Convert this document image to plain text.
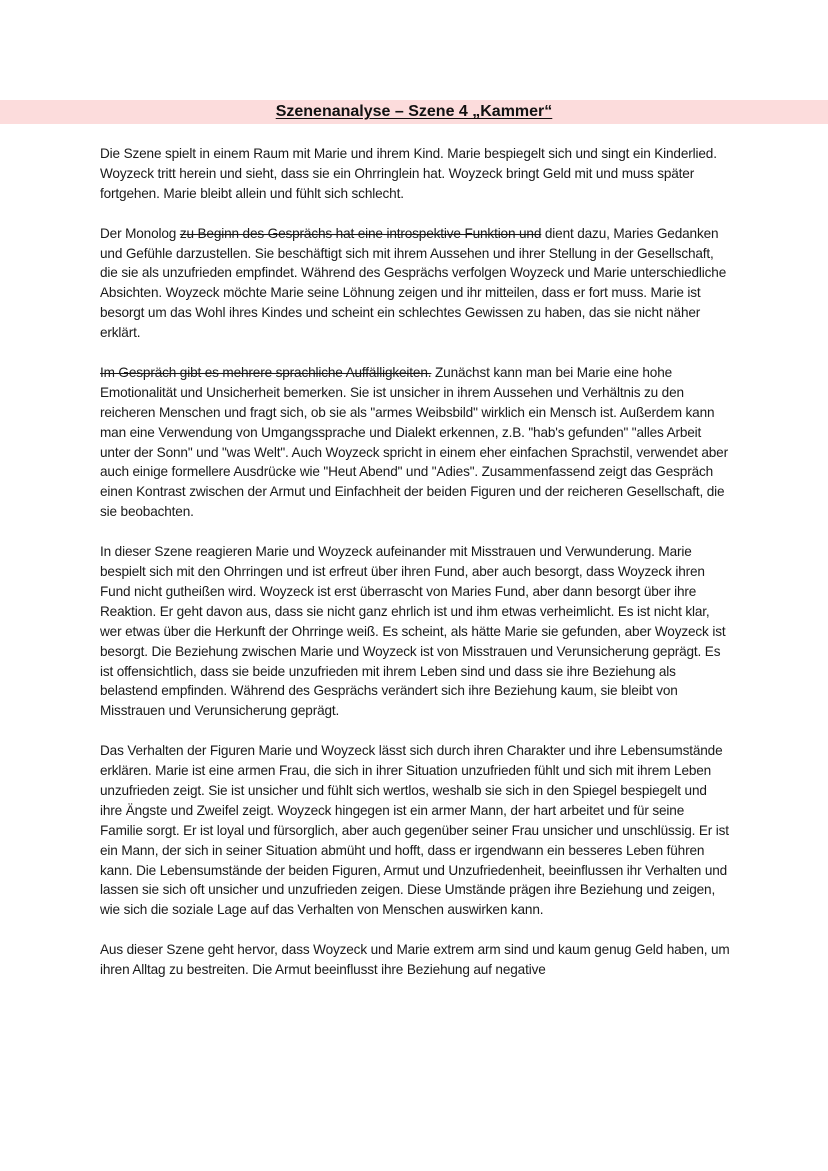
Szenenanalyse – Szene 4 „Kammer“

Die Szene spielt in einem Raum mit Marie und ihrem Kind. Marie bespiegelt sich und singt ein Kinderlied. Woyzeck tritt herein und sieht, dass sie ein Ohrringlein hat. Woyzeck bringt Geld mit und muss später fortgehen. Marie bleibt allein und fühlt sich schlecht.

Der Monolog zu Beginn des Gesprächs hat eine introspektive Funktion und dient dazu, Maries Gedanken und Gefühle darzustellen. Sie beschäftigt sich mit ihrem Aussehen und ihrer Stellung in der Gesellschaft, die sie als unzufrieden empfindet. Während des Gesprächs verfolgen Woyzeck und Marie unterschiedliche Absichten. Woyzeck möchte Marie seine Löhnung zeigen und ihr mitteilen, dass er fort muss. Marie ist besorgt um das Wohl ihres Kindes und scheint ein schlechtes Gewissen zu haben, das sie nicht näher erklärt.

Im Gespräch gibt es mehrere sprachliche Auffälligkeiten. Zunächst kann man bei Marie eine hohe Emotionalität und Unsicherheit bemerken. Sie ist unsicher in ihrem Aussehen und Verhältnis zu den reicheren Menschen und fragt sich, ob sie als "armes Weibsbild" wirklich ein Mensch ist. Außerdem kann man eine Verwendung von Umgangssprache und Dialekt erkennen, z.B. "hab's gefunden" "alles Arbeit unter der Sonn" und "was Welt". Auch Woyzeck spricht in einem eher einfachen Sprachstil, verwendet aber auch einige formellere Ausdrücke wie "Heut Abend" und "Adies". Zusammenfassend zeigt das Gespräch einen Kontrast zwischen der Armut und Einfachheit der beiden Figuren und der reicheren Gesellschaft, die sie beobachten.

In dieser Szene reagieren Marie und Woyzeck aufeinander mit Misstrauen und Verwunderung. Marie bespielt sich mit den Ohrringen und ist erfreut über ihren Fund, aber auch besorgt, dass Woyzeck ihren Fund nicht gutheißen wird. Woyzeck ist erst überrascht von Maries Fund, aber dann besorgt über ihre Reaktion. Er geht davon aus, dass sie nicht ganz ehrlich ist und ihm etwas verheimlicht. Es ist nicht klar, wer etwas über die Herkunft der Ohrringe weiß. Es scheint, als hätte Marie sie gefunden, aber Woyzeck ist besorgt. Die Beziehung zwischen Marie und Woyzeck ist von Misstrauen und Verunsicherung geprägt. Es ist offensichtlich, dass sie beide unzufrieden mit ihrem Leben sind und dass sie ihre Beziehung als belastend empfinden. Während des Gesprächs verändert sich ihre Beziehung kaum, sie bleibt von Misstrauen und Verunsicherung geprägt.

Das Verhalten der Figuren Marie und Woyzeck lässt sich durch ihren Charakter und ihre Lebensumstände erklären. Marie ist eine armen Frau, die sich in ihrer Situation unzufrieden fühlt und sich mit ihrem Leben unzufrieden zeigt. Sie ist unsicher und fühlt sich wertlos, weshalb sie sich in den Spiegel bespiegelt und ihre Ängste und Zweifel zeigt. Woyzeck hingegen ist ein armer Mann, der hart arbeitet und für seine Familie sorgt. Er ist loyal und fürsorglich, aber auch gegenüber seiner Frau unsicher und unschlüssig. Er ist ein Mann, der sich in seiner Situation abmüht und hofft, dass er irgendwann ein besseres Leben führen kann. Die Lebensumstände der beiden Figuren, Armut und Unzufriedenheit, beeinflussen ihr Verhalten und lassen sie sich oft unsicher und unzufrieden zeigen. Diese Umstände prägen ihre Beziehung und zeigen, wie sich die soziale Lage auf das Verhalten von Menschen auswirken kann.

Aus dieser Szene geht hervor, dass Woyzeck und Marie extrem arm sind und kaum genug Geld haben, um ihren Alltag zu bestreiten. Die Armut beeinflusst ihre Beziehung auf negative
